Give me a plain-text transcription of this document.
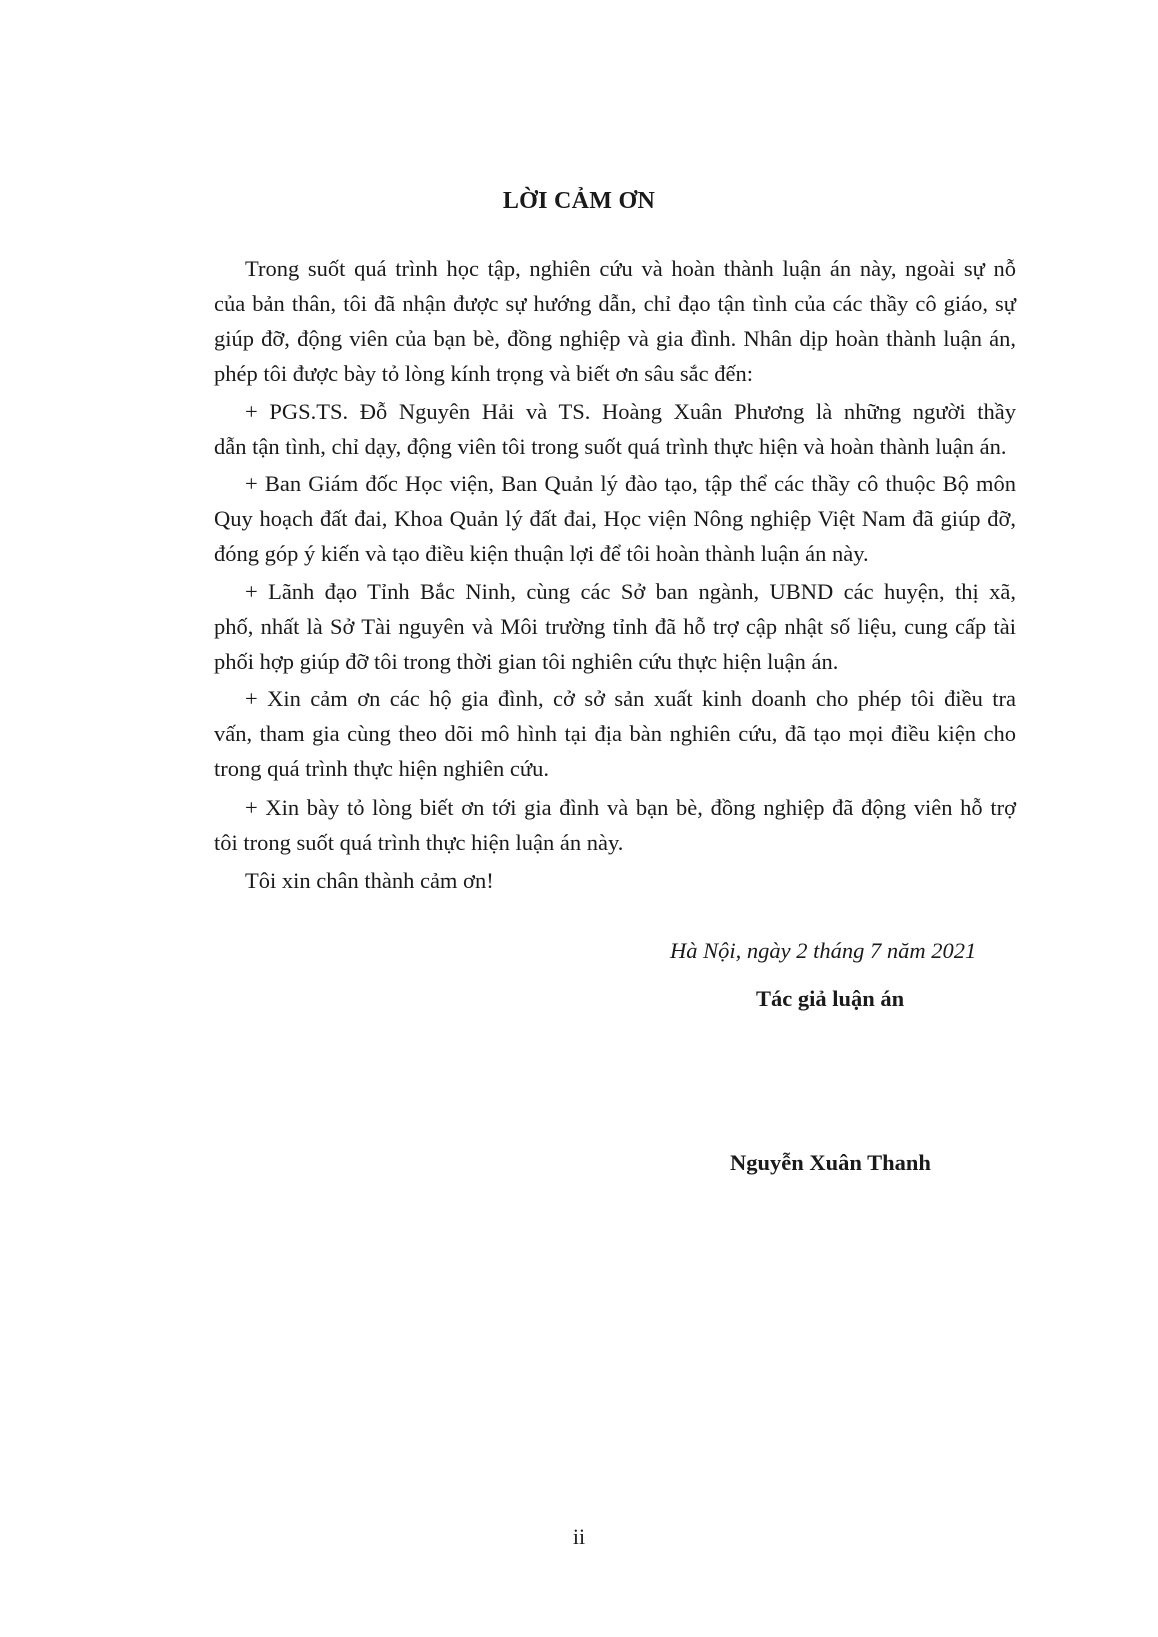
LỜI CẢM ƠN
Trong suốt quá trình học tập, nghiên cứu và hoàn thành luận án này, ngoài sự nỗ
của bản thân, tôi đã nhận được sự hướng dẫn, chỉ đạo tận tình của các thầy cô giáo, sự
giúp đỡ, động viên của bạn bè, đồng nghiệp và gia đình. Nhân dịp hoàn thành luận án,
phép tôi được bày tỏ lòng kính trọng và biết ơn sâu sắc đến:
+ PGS.TS. Đỗ Nguyên Hải và TS. Hoàng Xuân Phương là những người thầy
dẫn tận tình, chỉ dạy, động viên tôi trong suốt quá trình thực hiện và hoàn thành luận án.
+ Ban Giám đốc Học viện, Ban Quản lý đào tạo, tập thể các thầy cô thuộc Bộ môn
Quy hoạch đất đai, Khoa Quản lý đất đai, Học viện Nông nghiệp Việt Nam đã giúp đỡ,
đóng góp ý kiến và tạo điều kiện thuận lợi để tôi hoàn thành luận án này.
+ Lãnh đạo Tỉnh Bắc Ninh, cùng các Sở ban ngành, UBND các huyện, thị xã,
phố, nhất là Sở Tài nguyên và Môi trường tỉnh đã hỗ trợ cập nhật số liệu, cung cấp tài
phối hợp giúp đỡ tôi trong thời gian tôi nghiên cứu thực hiện luận án.
+ Xin cảm ơn các hộ gia đình, cở sở sản xuất kinh doanh cho phép tôi điều tra
vấn, tham gia cùng theo dõi mô hình tại địa bàn nghiên cứu, đã tạo mọi điều kiện cho
trong quá trình thực hiện nghiên cứu.
+ Xin bày tỏ lòng biết ơn tới gia đình và bạn bè, đồng nghiệp đã động viên hỗ trợ
tôi trong suốt quá trình thực hiện luận án này.
Tôi xin chân thành cảm ơn!
Hà Nội, ngày 2 tháng 7 năm 2021
Tác giả luận án
Nguyễn Xuân Thanh
ii
